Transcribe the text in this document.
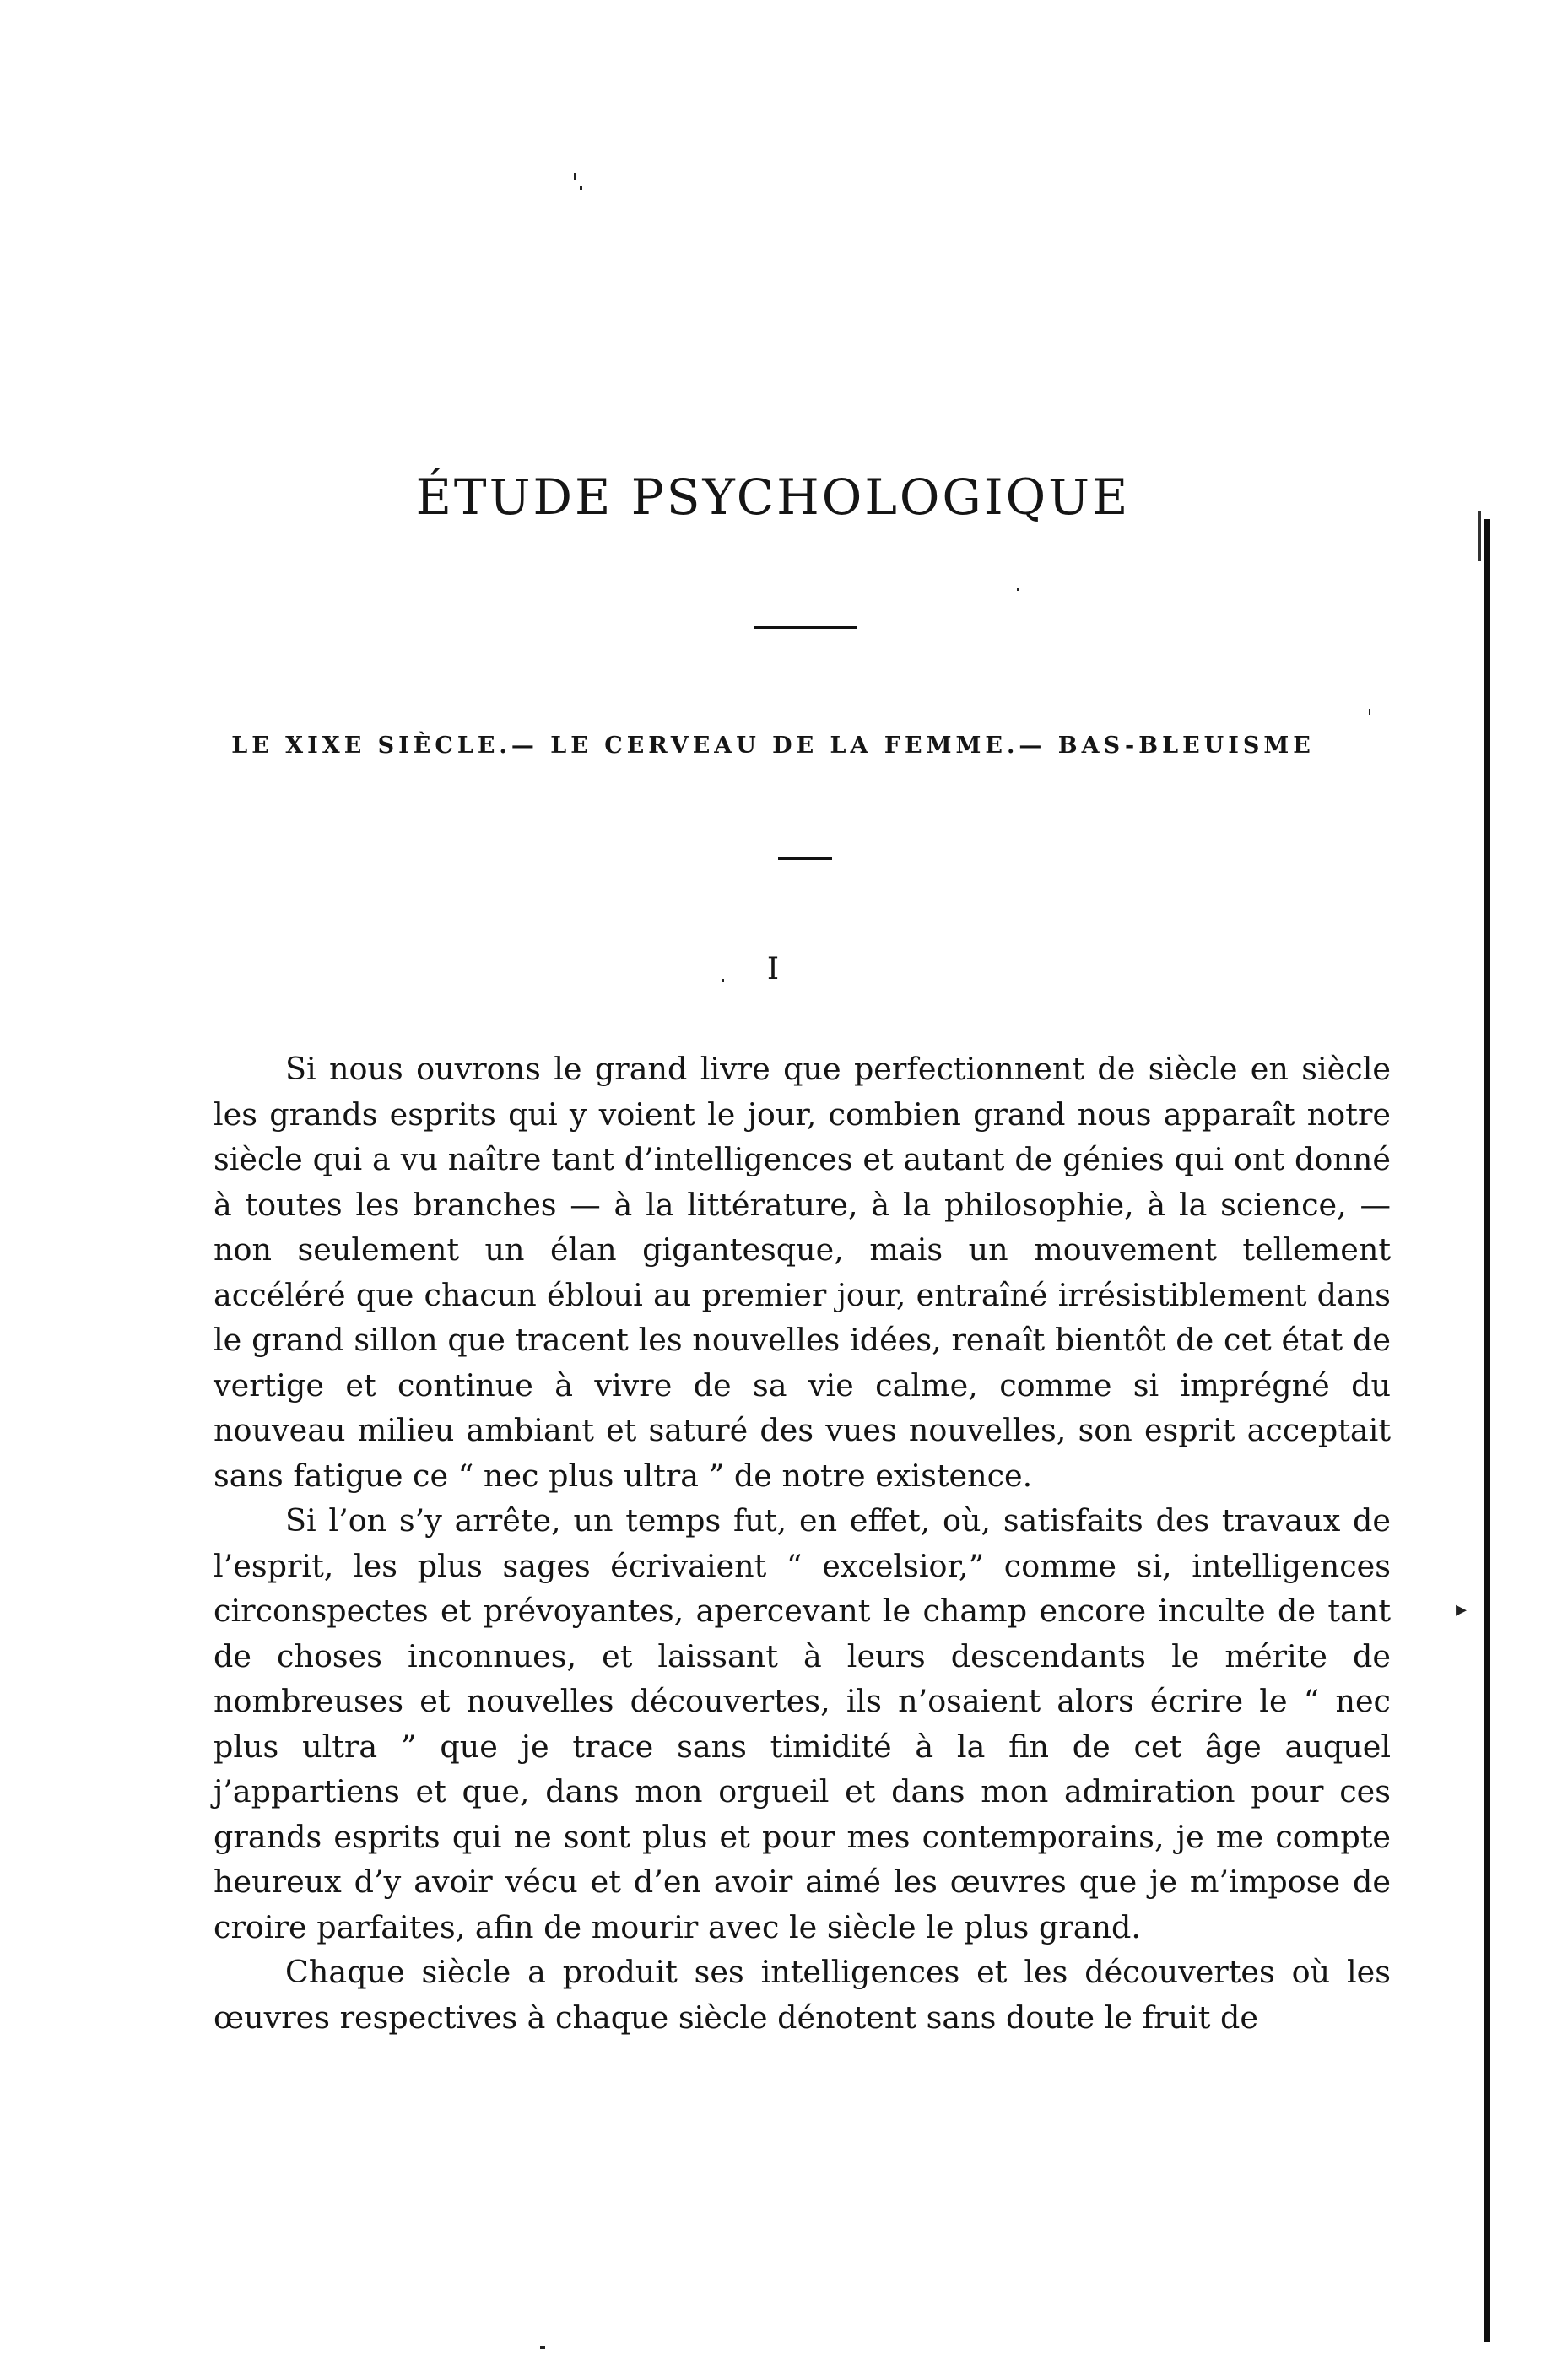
ÉTUDE PSYCHOLOGIQUE
LE XIXE SIÈCLE.— LE CERVEAU DE LA FEMME.— BAS-BLEUISME
I

Si nous ouvrons le grand livre que perfectionnent de siècle en siècle les grands esprits qui y voient le jour, combien grand nous apparaît notre siècle qui a vu naître tant d’intelligences et autant de génies qui ont donné à toutes les branches — à la littérature, à la philosophie, à la science, — non seulement un élan gigantesque, mais un mouvement tellement accéléré que chacun ébloui au premier jour, entraîné irrésistiblement dans le grand sillon que tracent les nouvelles idées, renaît bientôt de cet état de vertige et continue à vivre de sa vie calme, comme si imprégné du nouveau milieu ambiant et saturé des vues nouvelles, son esprit acceptait sans fatigue ce “ nec plus ultra ” de notre existence.

Si l’on s’y arrête, un temps fut, en effet, où, satisfaits des travaux de l’esprit, les plus sages écrivaient “ excelsior,” comme si, intelligences circonspectes et prévoyantes, apercevant le champ encore inculte de tant de choses inconnues, et laissant à leurs descendants le mérite de nombreuses et nouvelles découvertes, ils n’osaient alors écrire le “ nec plus ultra ” que je trace sans timidité à la fin de cet âge auquel j’appartiens et que, dans mon orgueil et dans mon admiration pour ces grands esprits qui ne sont plus et pour mes contemporains, je me compte heureux d’y avoir vécu et d’en avoir aimé les œuvres que je m’impose de croire parfaites, afin de mourir avec le siècle le plus grand.

Chaque siècle a produit ses intelligences et les découvertes où les œuvres respectives à chaque siècle dénotent sans doute le fruit de

▸
